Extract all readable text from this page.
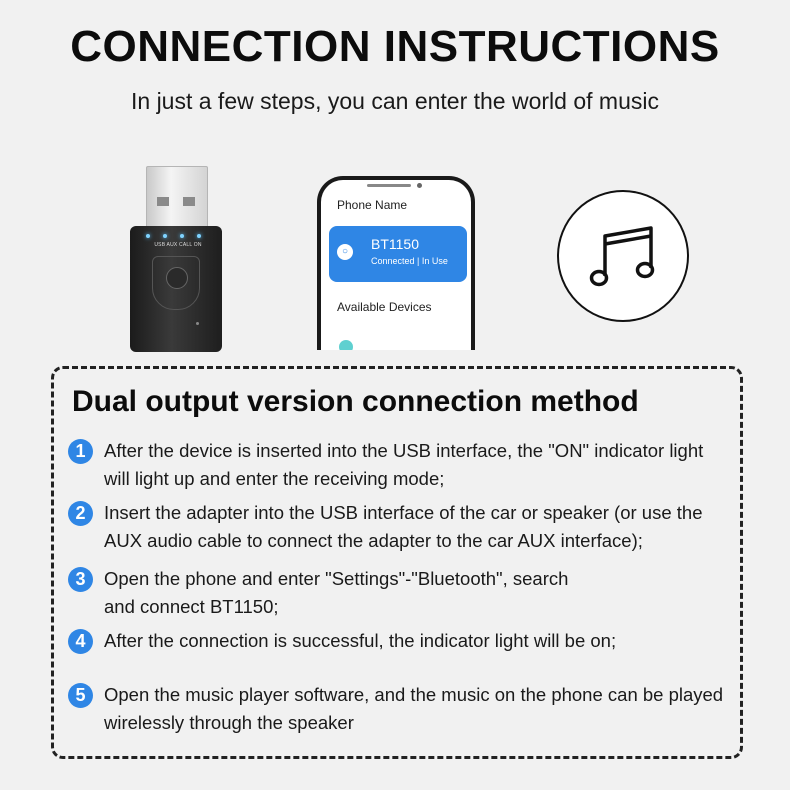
CONNECTION INSTRUCTIONS
In just a few steps, you can enter the world of music
USB AUX CALL ON
Phone Name
○	BT1150
Connected | In Use
Available Devices
Dual output version connection method
1	After the device is inserted into the USB interface, the "ON" indicator light will light up and enter the receiving mode;
2	Insert the adapter into the USB interface of the car or speaker (or use the AUX audio cable to connect the adapter to the car AUX interface);
3	Open the phone and enter "Settings"-"Bluetooth", search and connect BT1150;
4	After the connection is successful, the indicator light will be on;
5	Open the music player software, and the music on the phone can be played wirelessly through the speaker
